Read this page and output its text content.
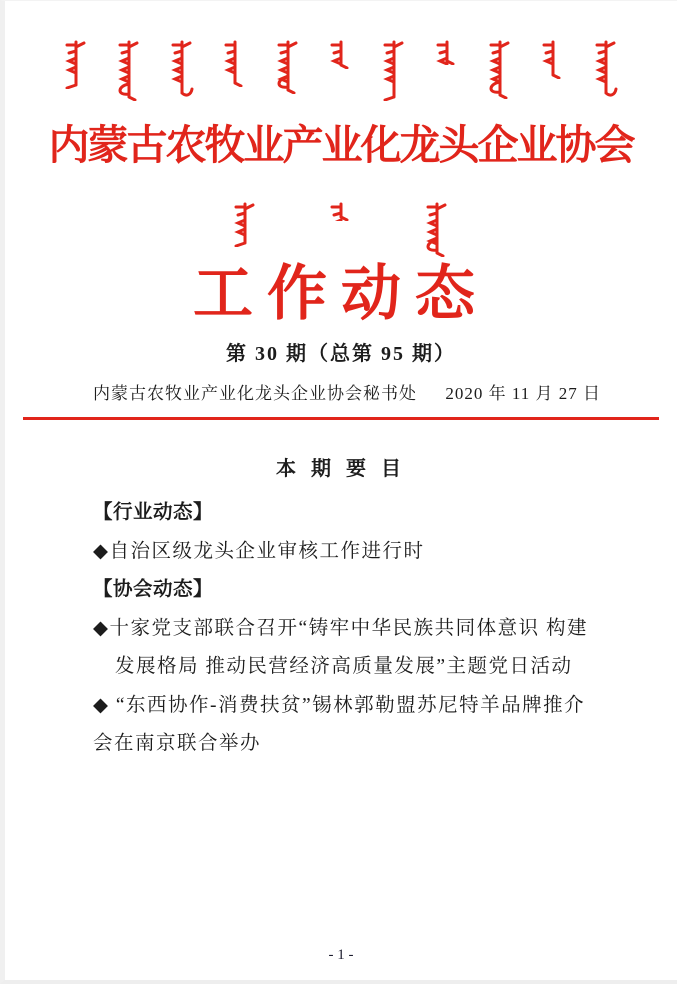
内蒙古农牧业产业化龙头企业协会
工作动态
第 30 期（总第 95 期）
内蒙古农牧业产业化龙头企业协会秘书处 2020 年 11 月 27 日
本 期 要 目
【行业动态】
◆自治区级龙头企业审核工作进行时
【协会动态】
◆十家党支部联合召开“铸牢中华民族共同体意识 构建
发展格局 推动民营经济高质量发展”主题党日活动
◆ “东西协作-消费扶贫”锡林郭勒盟苏尼特羊品牌推介
会在南京联合举办
- 1 -
